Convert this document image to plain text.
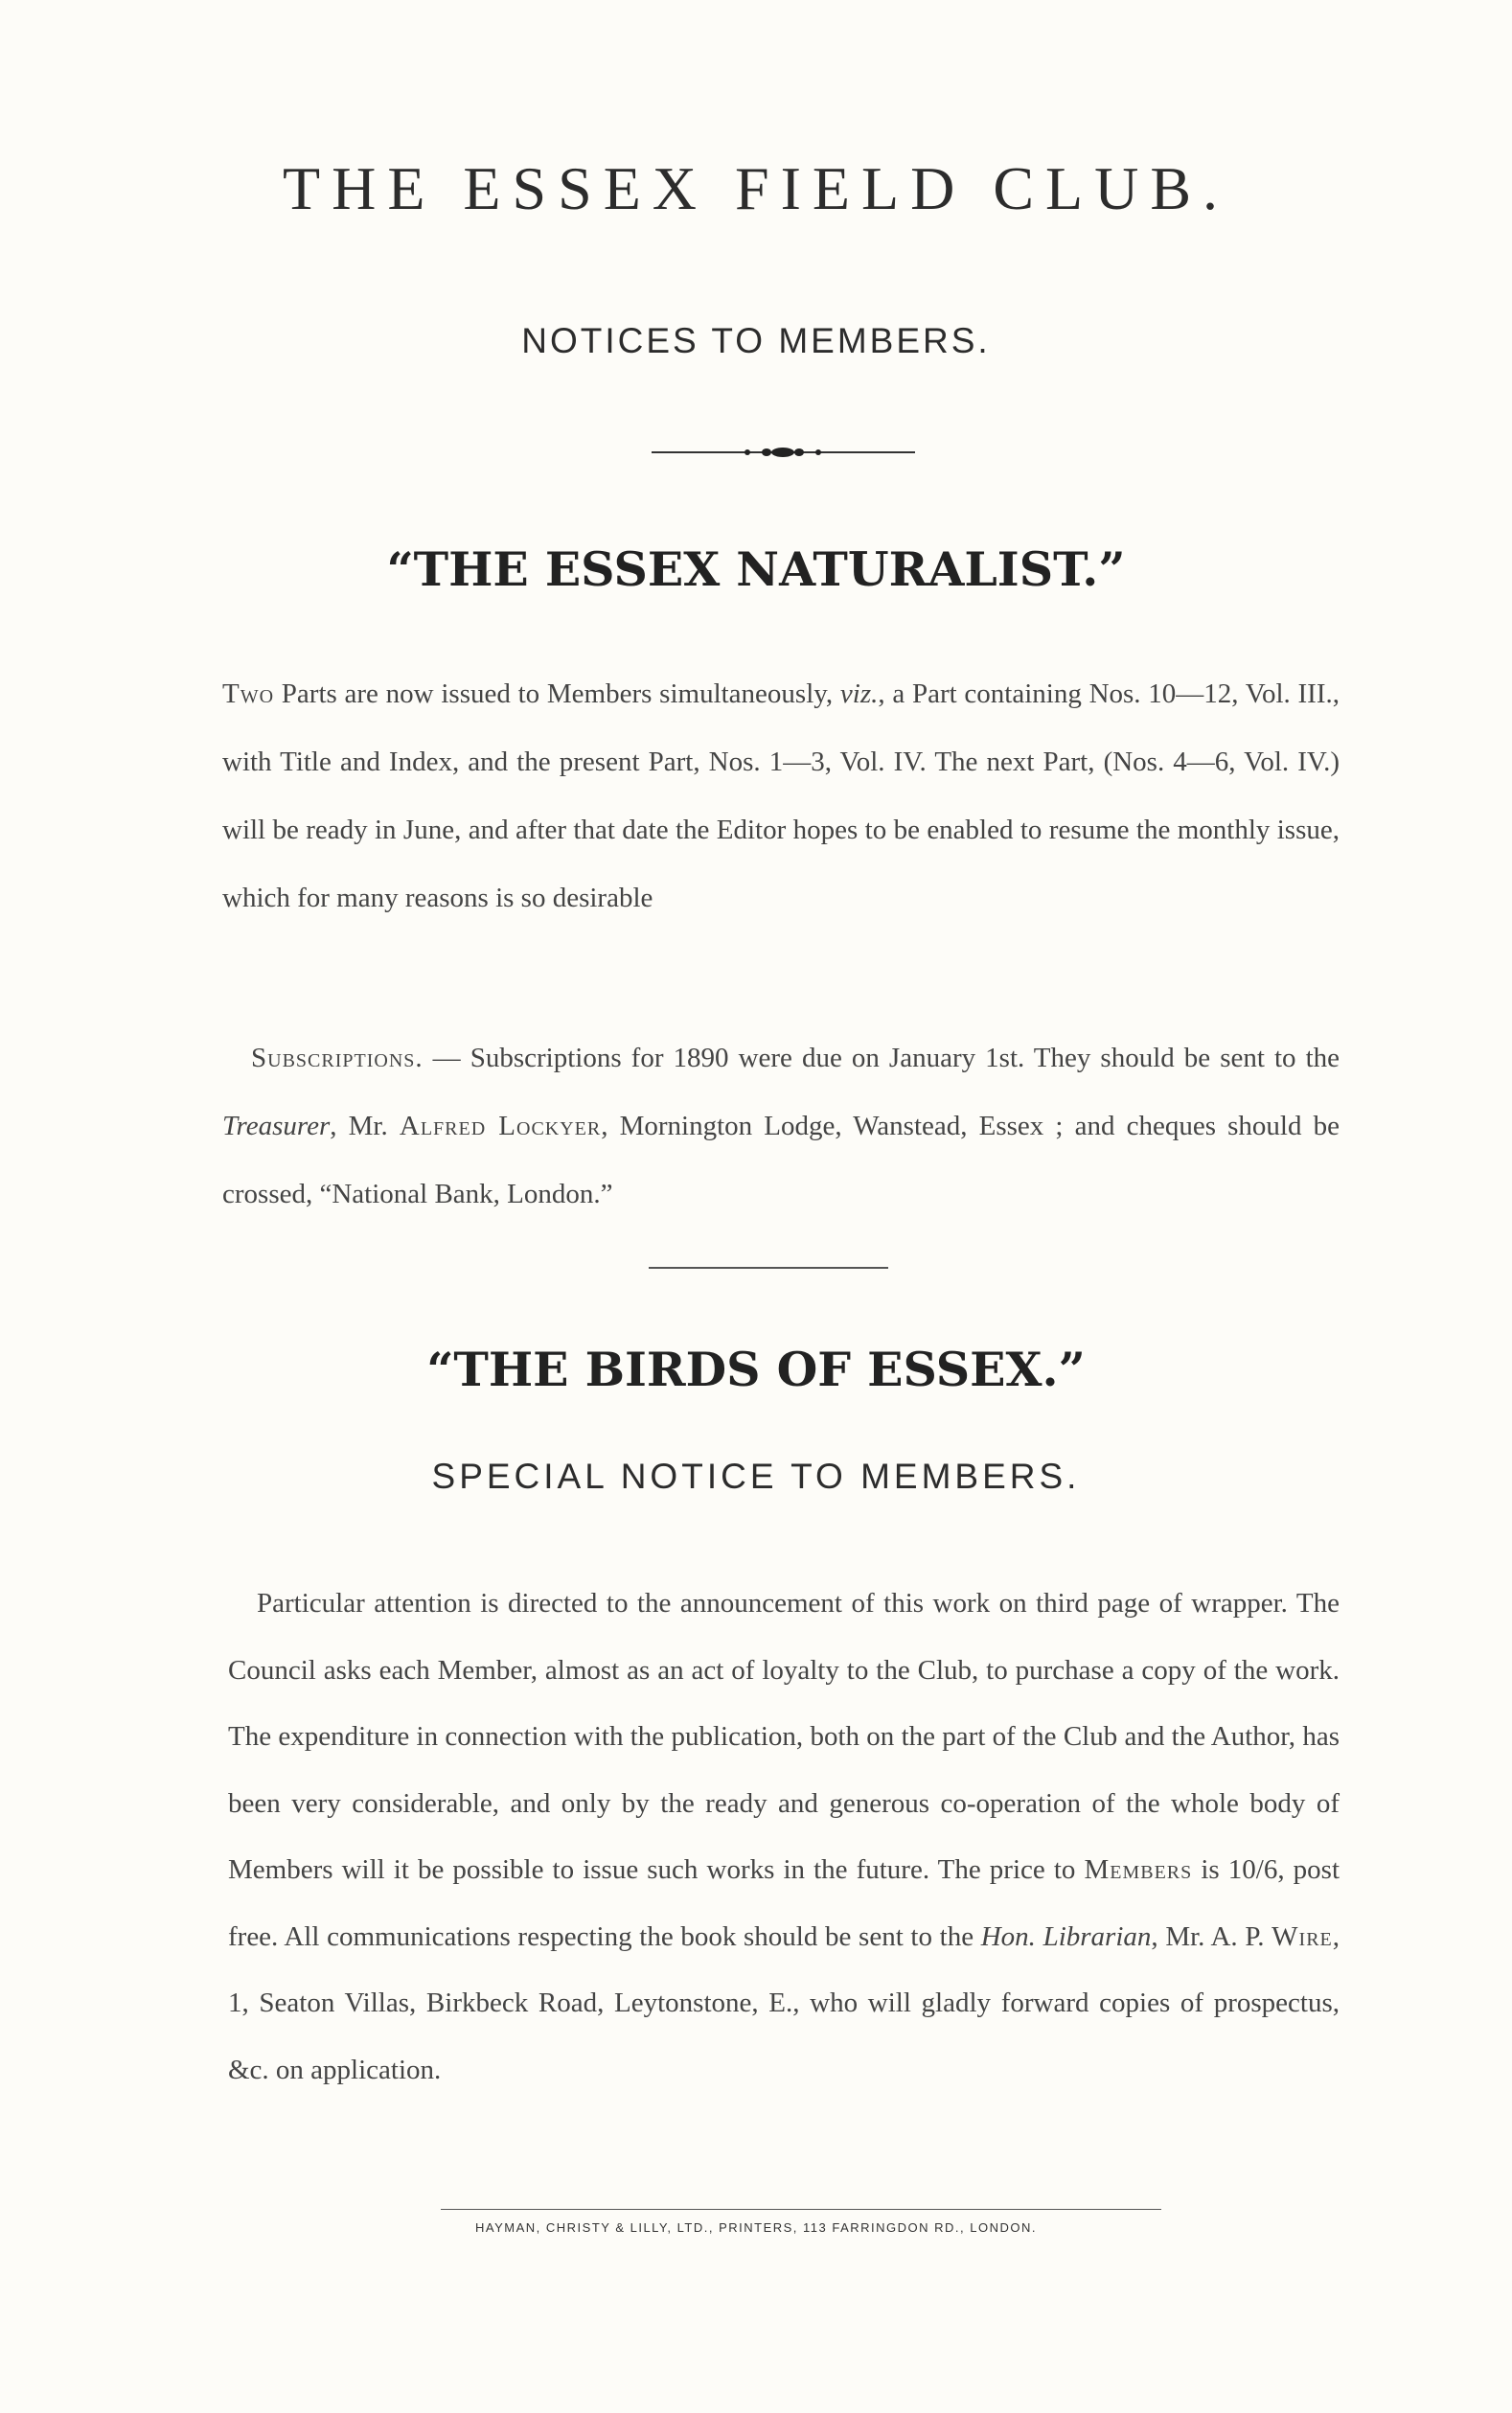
THE ESSEX FIELD CLUB.
NOTICES TO MEMBERS.
“THE ESSEX NATURALIST.”

Two Parts are now issued to Members simultaneously, viz., a Part containing Nos. 10—12, Vol. III., with Title and Index, and the present Part, Nos. 1—3, Vol. IV. The next Part, (Nos. 4—6, Vol. IV.) will be ready in June, and after that date the Editor hopes to be enabled to resume the monthly issue, which for many reasons is so desirable

Subscriptions. — Subscriptions for 1890 were due on January 1st. They should be sent to the Treasurer, Mr. Alfred Lockyer, Mornington Lodge, Wanstead, Essex ; and cheques should be crossed, “National Bank, London.”

“THE BIRDS OF ESSEX.”
SPECIAL NOTICE TO MEMBERS.

Particular attention is directed to the announcement of this work on third page of wrapper. The Council asks each Member, almost as an act of loyalty to the Club, to purchase a copy of the work. The expenditure in connection with the publication, both on the part of the Club and the Author, has been very considerable, and only by the ready and generous co-operation of the whole body of Members will it be possible to issue such works in the future. The price to Members is 10/6, post free. All communications respecting the book should be sent to the Hon. Librarian, Mr. A. P. Wire, 1, Seaton Villas, Birkbeck Road, Leytonstone, E., who will gladly forward copies of prospectus, &c. on application.

HAYMAN, CHRISTY & LILLY, LTD., PRINTERS, 113 FARRINGDON RD., LONDON.
